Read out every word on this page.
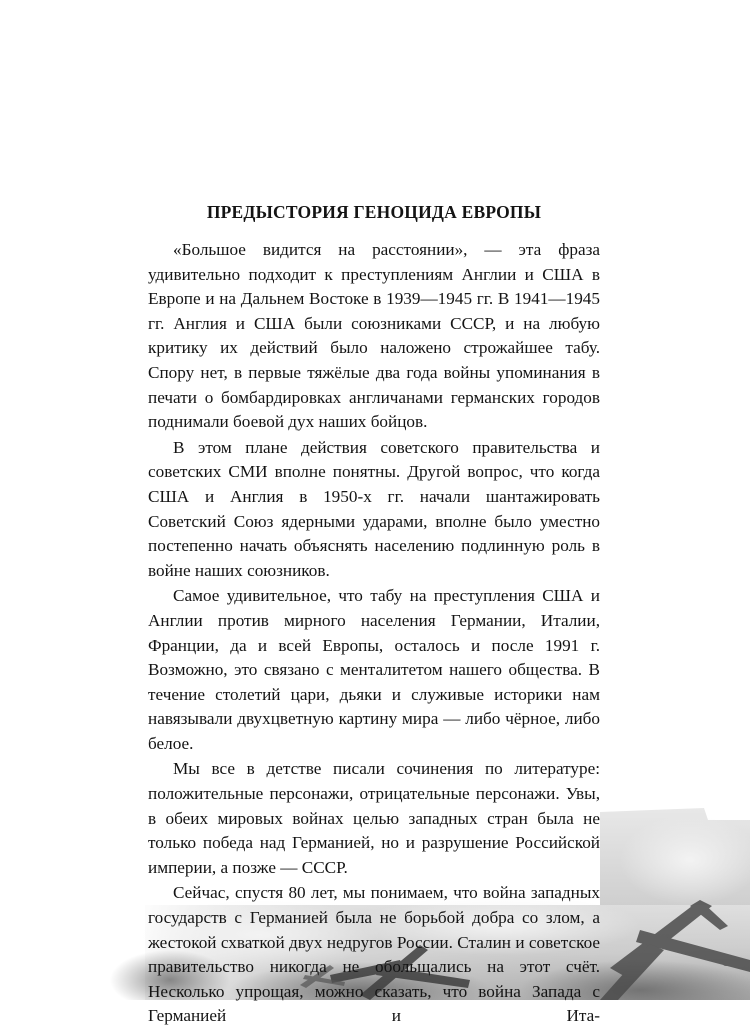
ПРЕДЫСТОРИЯ ГЕНОЦИДА ЕВРОПЫ

«Большое видится на расстоянии», — эта фраза удивительно подходит к преступлениям Англии и США в Европе и на Дальнем Востоке в 1939—1945 гг. В 1941—1945 гг. Англия и США были союзниками СССР, и на любую критику их действий было наложено строжайшее табу. Спору нет, в первые тяжёлые два года войны упоминания в печати о бомбардировках англичанами германских городов поднимали боевой дух наших бойцов.

В этом плане действия советского правительства и советских СМИ вполне понятны. Другой вопрос, что когда США и Англия в 1950-х гг. начали шантажировать Советский Союз ядерными ударами, вполне было уместно постепенно начать объяснять населению подлинную роль в войне наших союзников.

Самое удивительное, что табу на преступления США и Англии против мирного населения Германии, Италии, Франции, да и всей Европы, осталось и после 1991 г. Возможно, это связано с менталитетом нашего общества. В течение столетий цари, дьяки и служивые историки нам навязывали двухцветную картину мира — либо чёрное, либо белое.

Мы все в детстве писали сочинения по литературе: положительные персонажи, отрицательные персонажи. Увы, в обеих мировых войнах целью западных стран была не только победа над Германией, но и разрушение Российской империи, а позже — СССР.

Сейчас, спустя 80 лет, мы понимаем, что война западных государств с Германией была не борьбой добра со злом, а жестокой схваткой двух недругов России. Сталин и советское правительство никогда не обольщались на этот счёт. Несколько упрощая, можно сказать, что война Запада с Германией и Ита-
